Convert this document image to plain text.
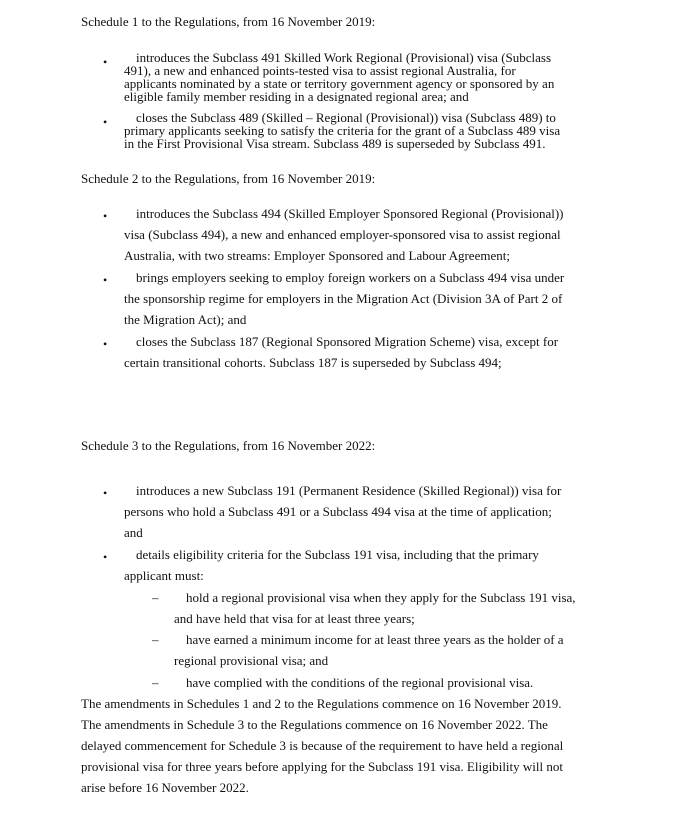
Schedule 1 to the Regulations, from 16 November 2019:

•	introduces the Subclass 491 Skilled Work Regional (Provisional) visa (Subclass
491), a new and enhanced points-tested visa to assist regional Australia, for
applicants nominated by a state or territory government agency or sponsored by an
eligible family member residing in a designated regional area; and

•	closes the Subclass 489 (Skilled – Regional (Provisional)) visa (Subclass 489) to
primary applicants seeking to satisfy the criteria for the grant of a Subclass 489 visa
in the First Provisional Visa stream. Subclass 489 is superseded by Subclass 491.

Schedule 2 to the Regulations, from 16 November 2019:

•	introduces the Subclass 494 (Skilled Employer Sponsored Regional (Provisional))
visa (Subclass 494), a new and enhanced employer-sponsored visa to assist regional
Australia, with two streams: Employer Sponsored and Labour Agreement;

•	brings employers seeking to employ foreign workers on a Subclass 494 visa under
the sponsorship regime for employers in the Migration Act (Division 3A of Part 2 of
the Migration Act); and

•	closes the Subclass 187 (Regional Sponsored Migration Scheme) visa, except for
certain transitional cohorts. Subclass 187 is superseded by Subclass 494;

Schedule 3 to the Regulations, from 16 November 2022:

•	introduces a new Subclass 191 (Permanent Residence (Skilled Regional)) visa for
persons who hold a Subclass 491 or a Subclass 494 visa at the time of application;
and

•	details eligibility criteria for the Subclass 191 visa, including that the primary
applicant must:

–	hold a regional provisional visa when they apply for the Subclass 191 visa,
and have held that visa for at least three years;

–	have earned a minimum income for at least three years as the holder of a
regional provisional visa; and

–	have complied with the conditions of the regional provisional visa.

The amendments in Schedules 1 and 2 to the Regulations commence on 16 November 2019.
The amendments in Schedule 3 to the Regulations commence on 16 November 2022. The
delayed commencement for Schedule 3 is because of the requirement to have held a regional
provisional visa for three years before applying for the Subclass 191 visa. Eligibility will not
arise before 16 November 2022.
